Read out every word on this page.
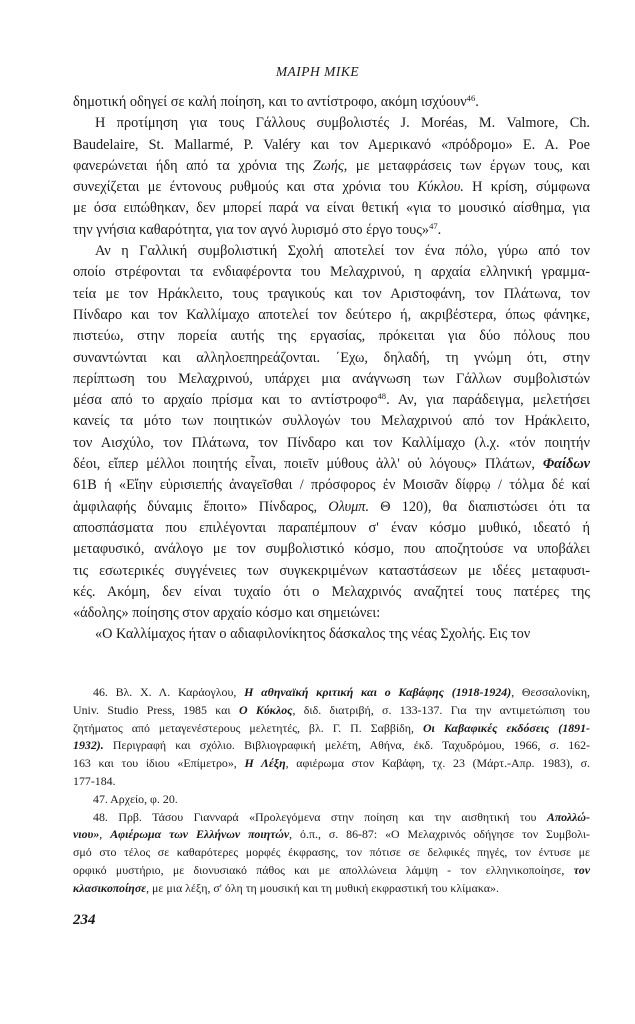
ΜΑΙΡΗ ΜΙΚΕ
δημοτική οδηγεί σε καλή ποίηση, και το αντίστροφο, ακόμη ισχύουν$^{46}$.
Η προτίμηση για τους Γάλλους συμβολιστές J. Moréas, M. Valmore, Ch.
Baudelaire, St. Mallarmé, P. Valéry και τον Αμερικανό «πρόδρομο» E. A. Poe
φανερώνεται ήδη από τα χρόνια της Ζωής, με μεταφράσεις των έργων τους, και
συνεχίζεται με έντονους ρυθμούς και στα χρόνια του Κύκλου. Η κρίση, σύμφωνα
με όσα ειπώθηκαν, δεν μπορεί παρά να είναι θετική «για το μουσικό αίσθημα, για
την γνήσια καθαρότητα, για τον αγνό λυρισμό στο έργο τους»$^{47}$.
Αν η Γαλλική συμβολιστική Σχολή αποτελεί τον ένα πόλο, γύρω από τον
οποίο στρέφονται τα ενδιαφέροντα του Μελαχρινού, η αρχαία ελληνική γραμμα-
τεία με τον Ηράκλειτο, τους τραγικούς και τον Αριστοφάνη, τον Πλάτωνα, τον
Πίνδαρο και τον Καλλίμαχο αποτελεί τον δεύτερο ή, ακριβέστερα, όπως φάνηκε,
πιστεύω, στην πορεία αυτής της εργασίας, πρόκειται για δύο πόλους που
συναντώνται και αλληλοεπηρεάζονται. ΄Εχω, δηλαδή, τη γνώμη ότι, στην
περίπτωση του Μελαχρινού, υπάρχει μια ανάγνωση των Γάλλων συμβολιστών
μέσα από το αρχαίο πρίσμα και το αντίστροφο$^{48}$. Αν, για παράδειγμα, μελετήσει
κανείς τα μότο των ποιητικών συλλογών του Μελαχρινού από τον Ηράκλειτο,
τον Αισχύλο, τον Πλάτωνα, τον Πίνδαρο και τον Καλλίμαχο (λ.χ. «τόν ποιητήν
δέοι, εἴπερ μέλλοι ποιητής εἶναι, ποιεῖν μύθους ἀλλ' οὐ λόγους» Πλάτων, Φαίδων
61Β ή «Εἴην εὑρισιεπής ἀναγεῖσθαι / πρόσφορος ἐν Μοισᾶν δίφρῳ / τόλμα δέ καί
ἀμφιλαφής δύναμις ἕποιτο» Πίνδαρος, Ολυμπ. Θ 120), θα διαπιστώσει ότι τα
αποσπάσματα που επιλέγονται παραπέμπουν σ' έναν κόσμο μυθικό, ιδεατό ή
μεταφυσικό, ανάλογο με τον συμβολιστικό κόσμο, που αποζητούσε να υποβάλει
τις εσωτερικές συγγένειες των συγκεκριμένων καταστάσεων με ιδέες μεταφυσι-
κές. Ακόμη, δεν είναι τυχαίο ότι ο Μελαχρινός αναζητεί τους πατέρες της
«άδολης» ποίησης στον αρχαίο κόσμο και σημειώνει:
«Ο Καλλίμαχος ήταν ο αδιαφιλονίκητος δάσκαλος της νέας Σχολής. Εις τον
46. Βλ. Χ. Λ. Καράογλου, Η αθηναϊκή κριτική και ο Καβάφης (1918-1924), Θεσσαλονίκη,
Univ. Studio Press, 1985 και Ο Κύκλος, διδ. διατριβή, σ. 133-137. Για την αντιμετώπιση του
ζητήματος από μεταγενέστερους μελετητές, βλ. Γ. Π. Σαββίδη, Οι Καβαφικές εκδόσεις (1891-
1932). Περιγραφή και σχόλιο. Βιβλιογραφική μελέτη, Αθήνα, έκδ. Ταχυδρόμου, 1966, σ. 162-
163 και του ίδιου «Επίμετρο», Η Λέξη, αφιέρωμα στον Καβάφη, τχ. 23 (Μάρτ.-Απρ. 1983), σ.
177-184.
47. Αρχείο, φ. 20.
48. Πρβ. Τάσου Γιανναρά «Προλεγόμενα στην ποίηση και την αισθητική του Απολλώ-
νιου», Αφιέρωμα των Ελλήνων ποιητών, ό.π., σ. 86-87: «Ο Μελαχρινός οδήγησε τον Συμβολι-
σμό στο τέλος σε καθαρότερες μορφές έκφρασης, τον πότισε σε δελφικές πηγές, τον έντυσε με
ορφικό μυστήριο, με διονυσιακό πάθος και με απολλώνεια λάμψη - τον ελληνικοποίησε, τον
κλασικοποίησε, με μια λέξη, σ' όλη τη μουσική και τη μυθική εκφραστική του κλίμακα».
234
